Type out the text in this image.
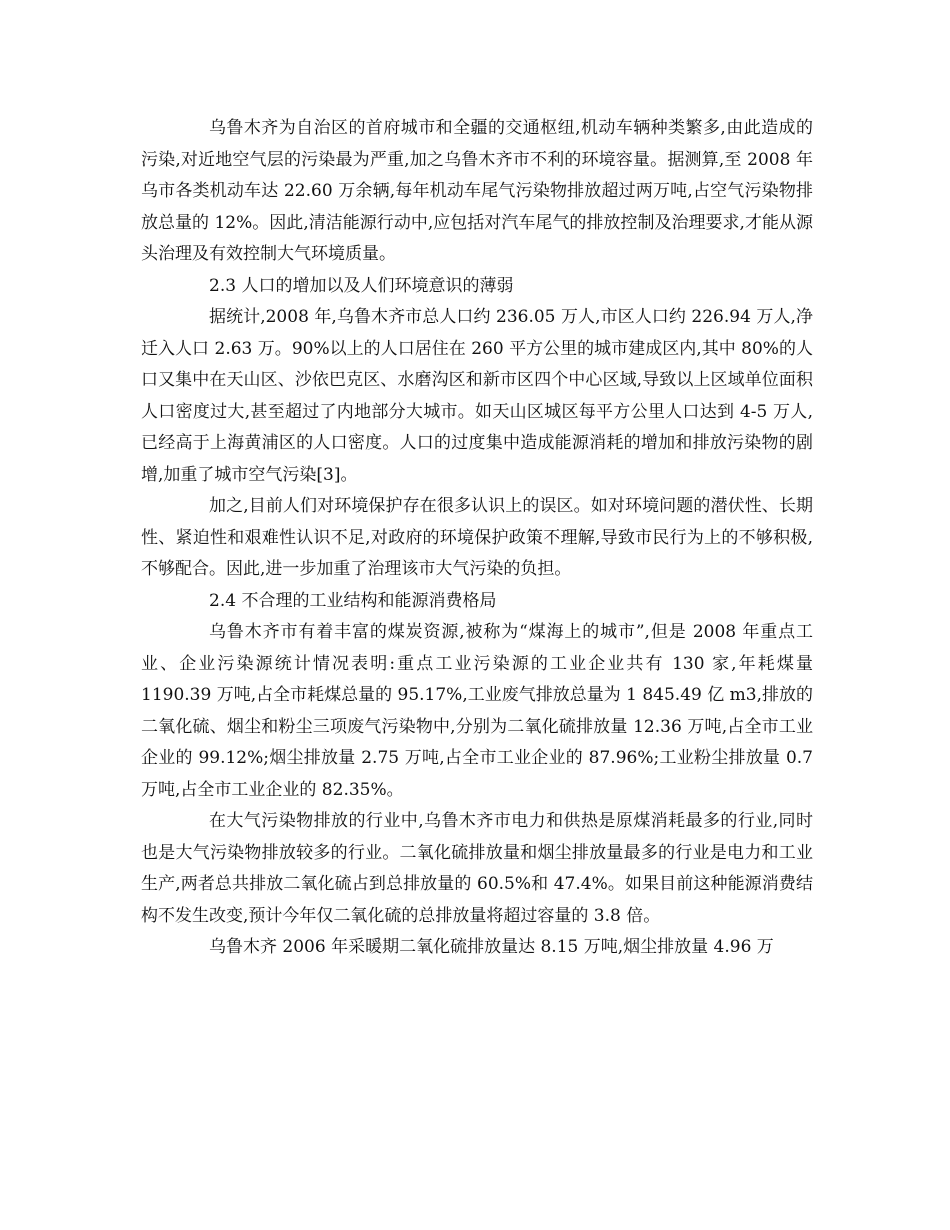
乌鲁木齐为自治区的首府城市和全疆的交通枢纽,机动车辆种类繁多,由此造成的污染,对近地空气层的污染最为严重,加之乌鲁木齐市不利的环境容量。据测算,至 2008 年乌市各类机动车达 22.60 万余辆,每年机动车尾气污染物排放超过两万吨,占空气污染物排放总量的 12%。因此,清洁能源行动中,应包括对汽车尾气的排放控制及治理要求,才能从源头治理及有效控制大气环境质量。

2.3 人口的增加以及人们环境意识的薄弱

据统计,2008 年,乌鲁木齐市总人口约 236.05 万人,市区人口约 226.94 万人,净迁入人口 2.63 万。90%以上的人口居住在 260 平方公里的城市建成区内,其中 80%的人口又集中在天山区、沙依巴克区、水磨沟区和新市区四个中心区域,导致以上区域单位面积人口密度过大,甚至超过了内地部分大城市。如天山区城区每平方公里人口达到 4-5 万人,已经高于上海黄浦区的人口密度。人口的过度集中造成能源消耗的增加和排放污染物的剧增,加重了城市空气污染[3]。

加之,目前人们对环境保护存在很多认识上的误区。如对环境问题的潜伏性、长期性、紧迫性和艰难性认识不足,对政府的环境保护政策不理解,导致市民行为上的不够积极,不够配合。因此,进一步加重了治理该市大气污染的负担。

2.4 不合理的工业结构和能源消费格局

乌鲁木齐市有着丰富的煤炭资源,被称为“煤海上的城市”,但是 2008 年重点工业、企业污染源统计情况表明:重点工业污染源的工业企业共有 130 家,年耗煤量 1190.39 万吨,占全市耗煤总量的 95.17%,工业废气排放总量为 1 845.49 亿 m3,排放的二氧化硫、烟尘和粉尘三项废气污染物中,分别为二氧化硫排放量 12.36 万吨,占全市工业企业的 99.12%;烟尘排放量 2.75 万吨,占全市工业企业的 87.96%;工业粉尘排放量 0.7 万吨,占全市工业企业的 82.35%。

在大气污染物排放的行业中,乌鲁木齐市电力和供热是原煤消耗最多的行业,同时也是大气污染物排放较多的行业。二氧化硫排放量和烟尘排放量最多的行业是电力和工业生产,两者总共排放二氧化硫占到总排放量的 60.5%和 47.4%。如果目前这种能源消费结构不发生改变,预计今年仅二氧化硫的总排放量将超过容量的 3.8 倍。

乌鲁木齐 2006 年采暖期二氧化硫排放量达 8.15 万吨,烟尘排放量 4.96 万
